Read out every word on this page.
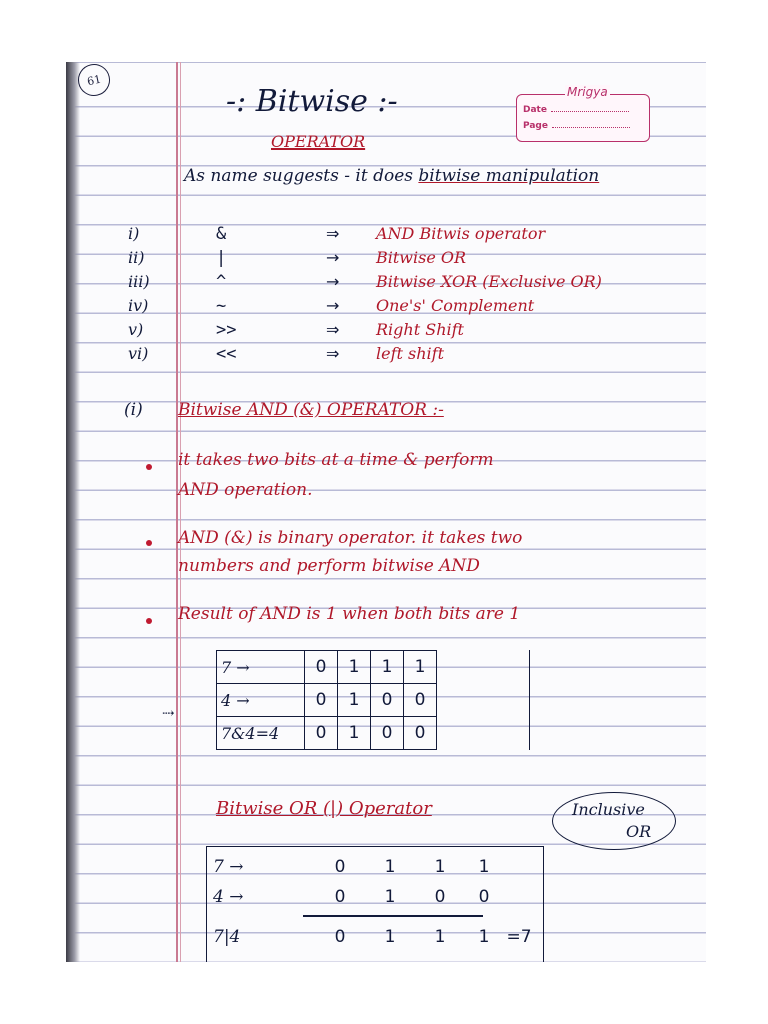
61
Mrigya
Date
Page
-: Bitwise :-
OPERATOR
As name suggests - it does bitwise manipulation
i)	&	⇒ AND Bitwis operator
ii)	|	→ Bitwise OR
iii)	^	→ Bitwise XOR (Exclusive OR)
iv)	~	→ One's' Complement
v)	>>	⇒ Right Shift
vi)	<<	⇒ left shift
(i) Bitwise AND (&) OPERATOR :-
it takes two bits at a time & perform
AND operation.
AND (&) is binary operator. it takes two
numbers and perform bitwise AND
Result of AND is 1 when both bits are 1
⇢
7 →	0	1	1	1	
4 →	0	1	0	0	
7&4=4	0	1	0	0	
Bitwise OR (|) Operator	Inclusive
OR
7 →	0	1	1	1
4 →	0	1	0	0
7|4	0	1	1	1	=7
